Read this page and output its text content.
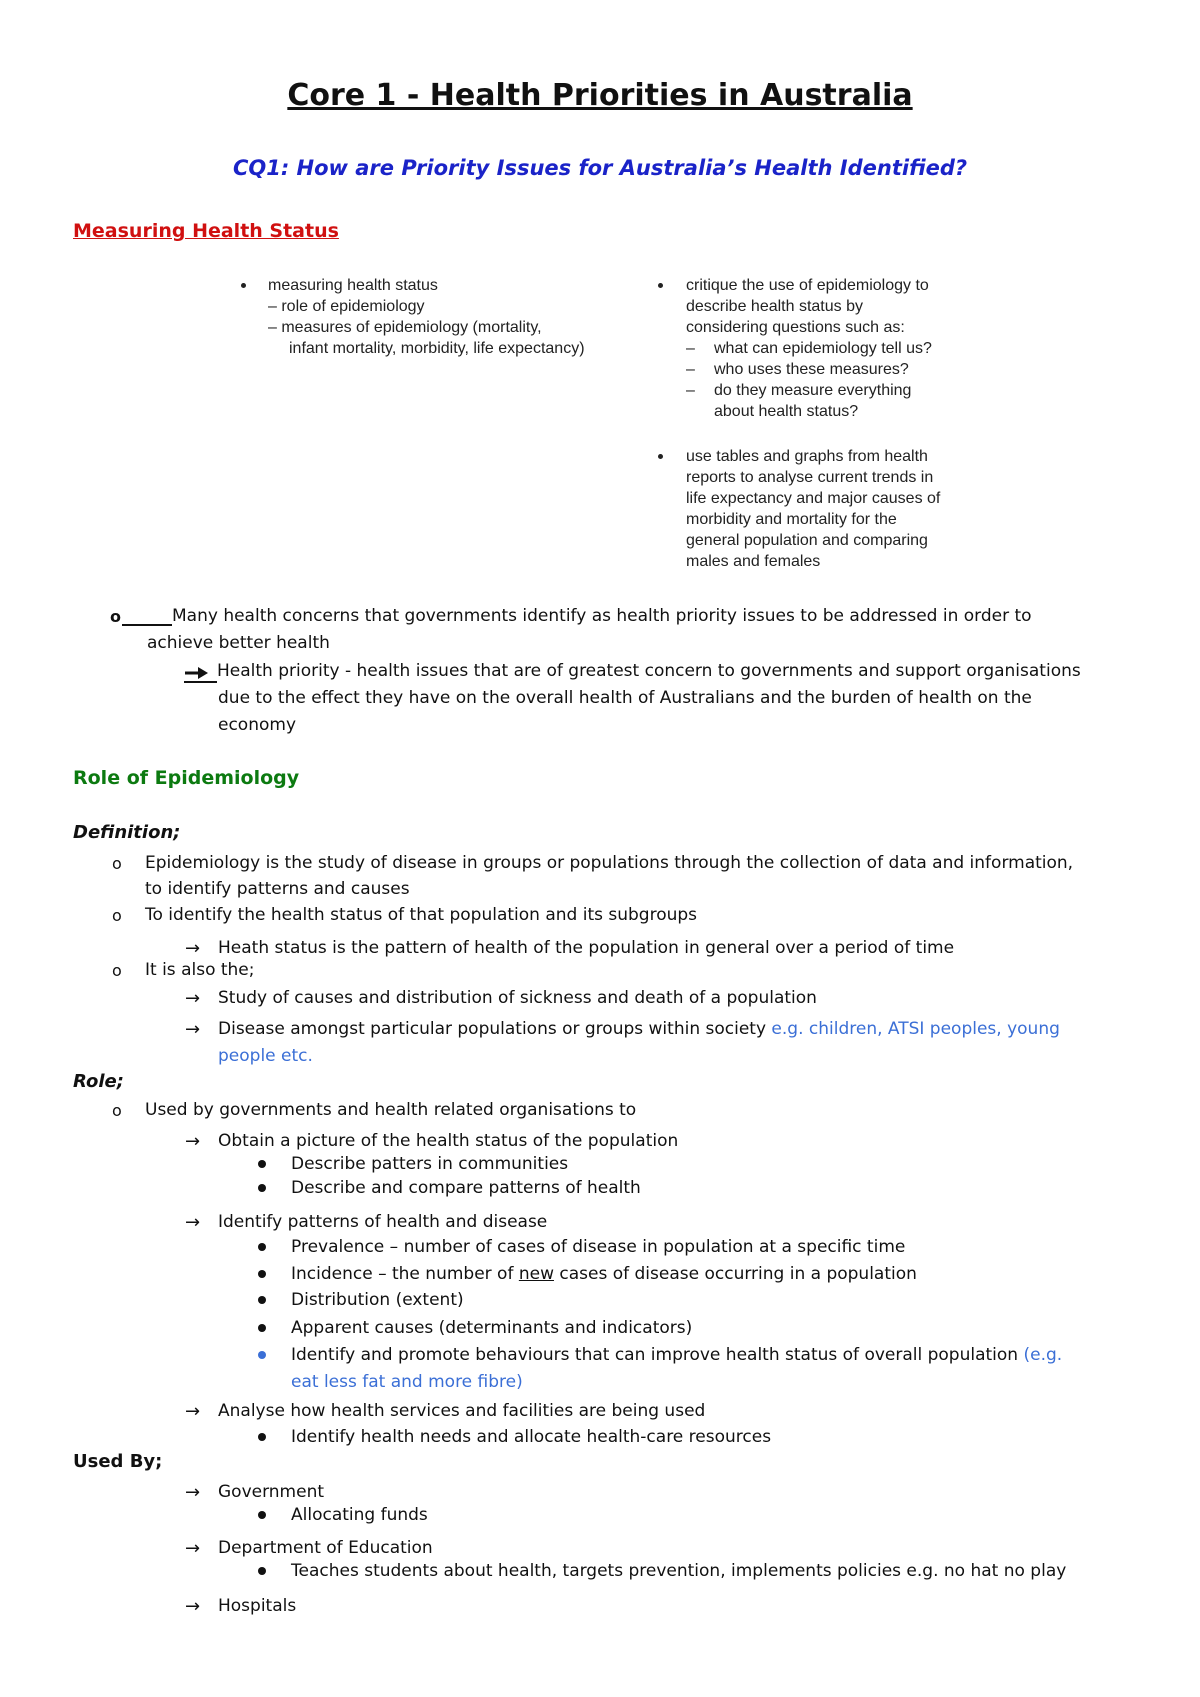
Core 1 - Health Priorities in Australia
CQ1: How are Priority Issues for Australia’s Health Identified?
Measuring Health Status
measuring health status
– role of epidemiology
– measures of epidemiology (mortality,
infant mortality, morbidity, life expectancy)
critique the use of epidemiology to
describe health status by
considering questions such as:
– what can epidemiology tell us?
– who uses these measures?
– do they measure everything
about health status?
use tables and graphs from health
reports to analyse current trends in
life expectancy and major causes of
morbidity and mortality for the
general population and comparing
males and females
o	Many health concerns that governments identify as health priority issues to be addressed in order to
achieve better health
Health priority - health issues that are of greatest concern to governments and support organisations
due to the effect they have on the overall health of Australians and the burden of health on the
economy
Role of Epidemiology
Definition;
o Epidemiology is the study of disease in groups or populations through the collection of data and information,
to identify patterns and causes
o To identify the health status of that population and its subgroups
→ Heath status is the pattern of health of the population in general over a period of time
o It is also the;
→ Study of causes and distribution of sickness and death of a population
→ Disease amongst particular populations or groups within society e.g. children, ATSI peoples, young
people etc.
Role;
o Used by governments and health related organisations to
→ Obtain a picture of the health status of the population
Describe patters in communities
Describe and compare patterns of health
→ Identify patterns of health and disease
Prevalence – number of cases of disease in population at a specific time
Incidence – the number of new cases of disease occurring in a population
Distribution (extent)
Apparent causes (determinants and indicators)
Identify and promote behaviours that can improve health status of overall population (e.g.
eat less fat and more fibre)
→ Analyse how health services and facilities are being used
Identify health needs and allocate health-care resources
Used By;
→ Government
Allocating funds
→ Department of Education
Teaches students about health, targets prevention, implements policies e.g. no hat no play
→ Hospitals
